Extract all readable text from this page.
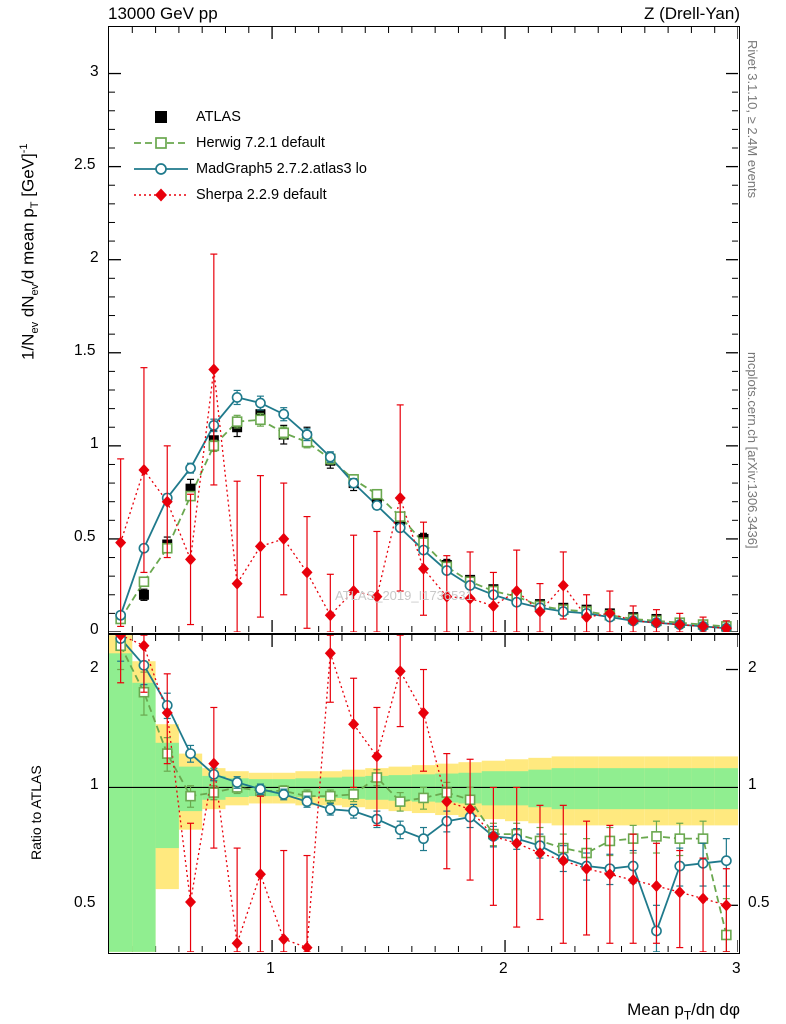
13000 GeV pp	Z (Drell-Yan)
$1/N_{ev}$ $dN_{ev}/d$ mean $p_T$ [GeV]$^{-1}$
Ratio to ATLAS
Mean $p_T/d\eta$ dφ
Rivet 3.1.10, ≥ 2.4M events
mcplots.cern.ch [arXiv:1306.3436]
ATLAS_2019_I1736531
ATLAS
Herwig 7.2.1 default
MadGraph5 2.7.2.atlas3 lo
Sherpa 2.2.9 default
0
0.5
1
1.5
2
2.5
3
0.5	0.5
1	1
2	2
1	2	3
